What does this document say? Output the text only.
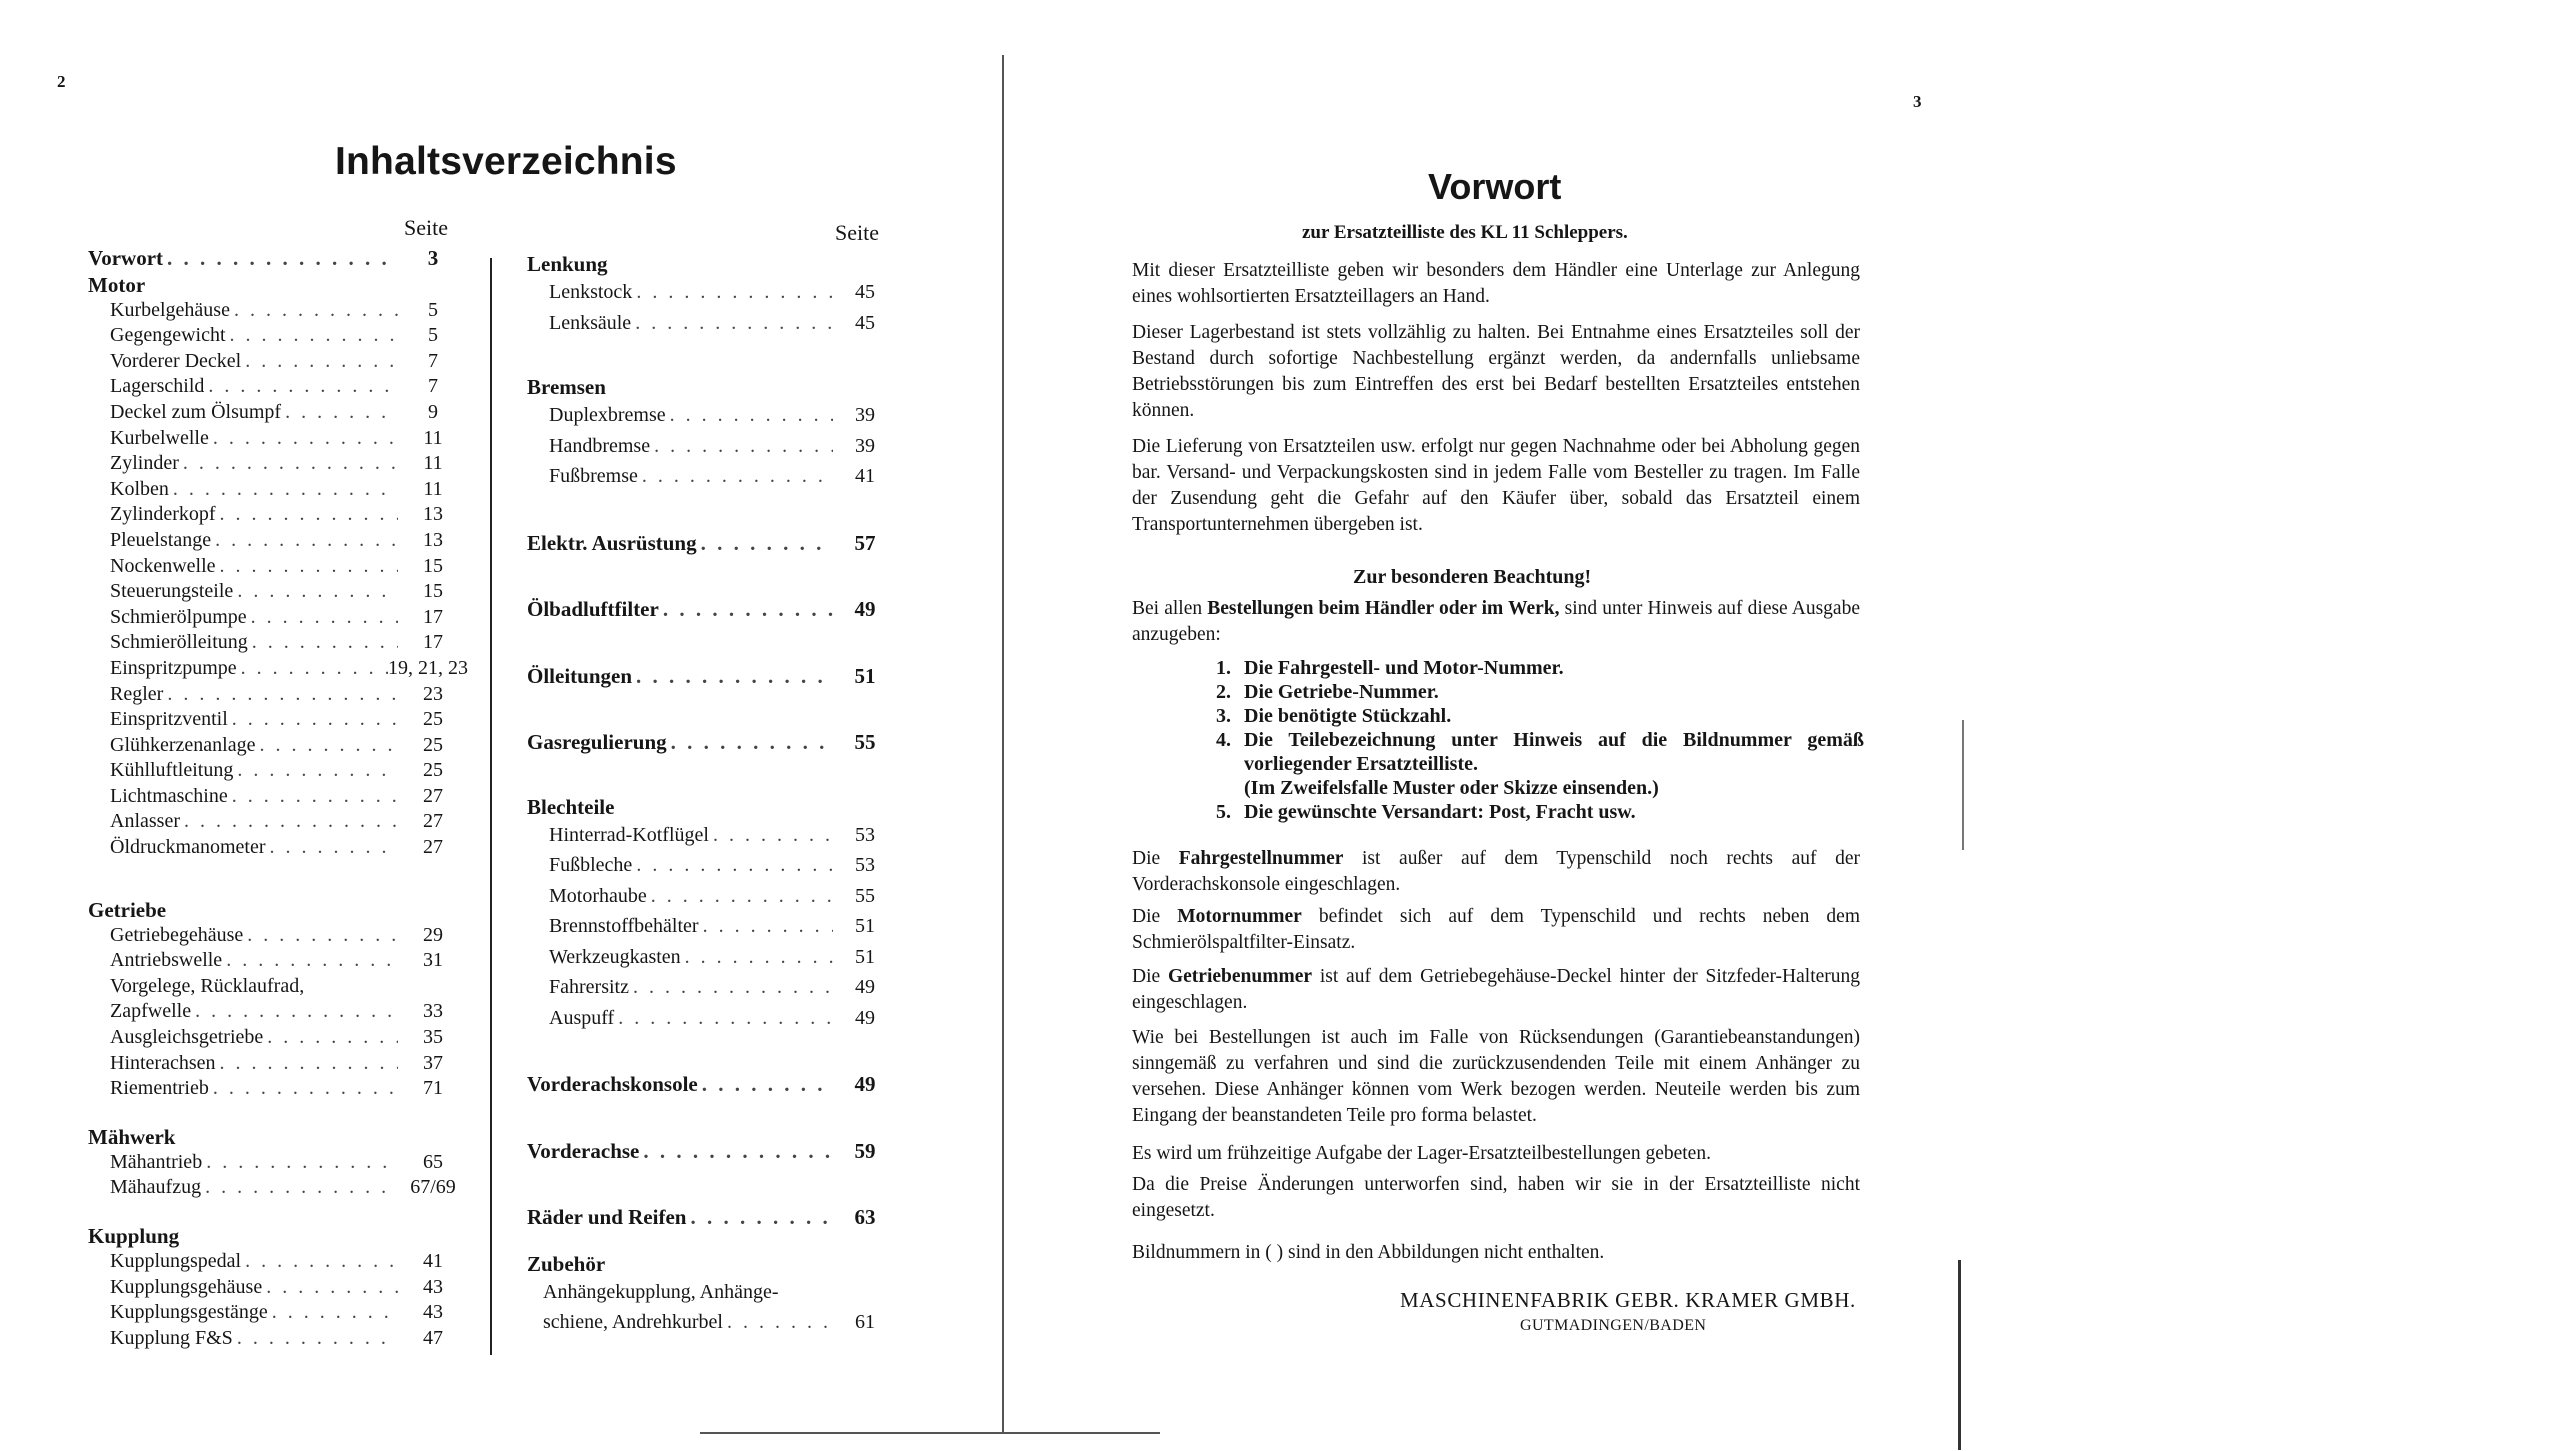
2
Inhaltsverzeichnis
Seite
Vorwort . . .	3
Motor
Kurbelgehäuse . . .	5
Gegengewicht . . .	5
Vorderer Deckel . . .	7
Lagerschild . . .	7
Deckel zum Ölsumpf . . .	9
Kurbelwelle . . .	11
Zylinder . . .	11
Kolben . . .	11
Zylinderkopf . . .	13
Pleuelstange . . .	13
Nockenwelle . . .	15
Steuerungsteile . . .	15
Schmierölpumpe . . .	17
Schmierölleitung . . .	17
Einspritzpumpe . . .	19, 21, 23
Regler . . .	23
Einspritzventil . . .	25
Glühkerzenanlage . . .	25
Kühlluftleitung . . .	25
Lichtmaschine . . .	27
Anlasser . . .	27
Öldruckmanometer . . .	27
Getriebe
Getriebegehäuse . . .	29
Antriebswelle . . .	31
Vorgelege, Rücklaufrad,
Zapfwelle . . .	33
Ausgleichsgetriebe . . .	35
Hinterachsen . . .	37
Riementrieb . . .	71
Mähwerk
Mähantrieb . . .	65
Mähaufzug . . .	67/69
Kupplung
Kupplungspedal . . .	41
Kupplungsgehäuse . . .	43
Kupplungsgestänge . . .	43
Kupplung F&S . . .	47
Seite
Lenkung
Lenkstock . . .	45
Lenksäule . . .	45
Bremsen
Duplexbremse . . .	39
Handbremse . . .	39
Fußbremse . . .	41
Elektr. Ausrüstung . . .	57
Ölbadluftfilter . . .	49
Ölleitungen . . .	51
Gasregulierung . . .	55
Blechteile
Hinterrad-Kotflügel . . .	53
Fußbleche . . .	53
Motorhaube . . .	55
Brennstoffbehälter . . .	51
Werkzeugkasten . . .	51
Fahrersitz . . .	49
Auspuff . . .	49
Vorderachskonsole . . .	49
Vorderachse . . .	59
Räder und Reifen . . .	63
Zubehör
Anhängekupplung, Anhänge-
schiene, Andrehkurbel . . .	61
3
Vorwort
zur Ersatzteilliste des KL 11 Schleppers.
Mit dieser Ersatzteilliste geben wir besonders dem Händler eine Unterlage zur Anlegung eines wohlsortierten Ersatzteillagers an Hand.
Dieser Lagerbestand ist stets vollzählig zu halten. Bei Entnahme eines Ersatzteiles soll der Bestand durch sofortige Nachbestellung ergänzt werden, da andernfalls unliebsame Betriebsstörungen bis zum Eintreffen des erst bei Bedarf bestellten Ersatzteiles entstehen können.
Die Lieferung von Ersatzteilen usw. erfolgt nur gegen Nachnahme oder bei Abholung gegen bar. Versand- und Verpackungskosten sind in jedem Falle vom Besteller zu tragen. Im Falle der Zusendung geht die Gefahr auf den Käufer über, sobald das Ersatzteil einem Transportunternehmen übergeben ist.
Zur besonderen Beachtung!
Bei allen Bestellungen beim Händler oder im Werk, sind unter Hinweis auf diese Ausgabe anzugeben:
1. Die Fahrgestell- und Motor-Nummer.
2. Die Getriebe-Nummer.
3. Die benötigte Stückzahl.
4. Die Teilebezeichnung unter Hinweis auf die Bildnummer gemäß vorliegender Ersatzteilliste.
(Im Zweifelsfalle Muster oder Skizze einsenden.)
5. Die gewünschte Versandart: Post, Fracht usw.
Die Fahrgestellnummer ist außer auf dem Typenschild noch rechts auf der Vorderachskonsole eingeschlagen.
Die Motornummer befindet sich auf dem Typenschild und rechts neben dem Schmierölspaltfilter-Einsatz.
Die Getriebenummer ist auf dem Getriebegehäuse-Deckel hinter der Sitzfeder-Halterung eingeschlagen.
Wie bei Bestellungen ist auch im Falle von Rücksendungen (Garantiebeanstandungen) sinngemäß zu verfahren und sind die zurückzusendenden Teile mit einem Anhänger zu versehen. Diese Anhänger können vom Werk bezogen werden. Neuteile werden bis zum Eingang der beanstandeten Teile pro forma belastet.
Es wird um frühzeitige Aufgabe der Lager-Ersatzteilbestellungen gebeten.
Da die Preise Änderungen unterworfen sind, haben wir sie in der Ersatzteilliste nicht eingesetzt.
Bildnummern in ( ) sind in den Abbildungen nicht enthalten.
MASCHINENFABRIK GEBR. KRAMER GMBH.
GUTMADINGEN/BADEN
